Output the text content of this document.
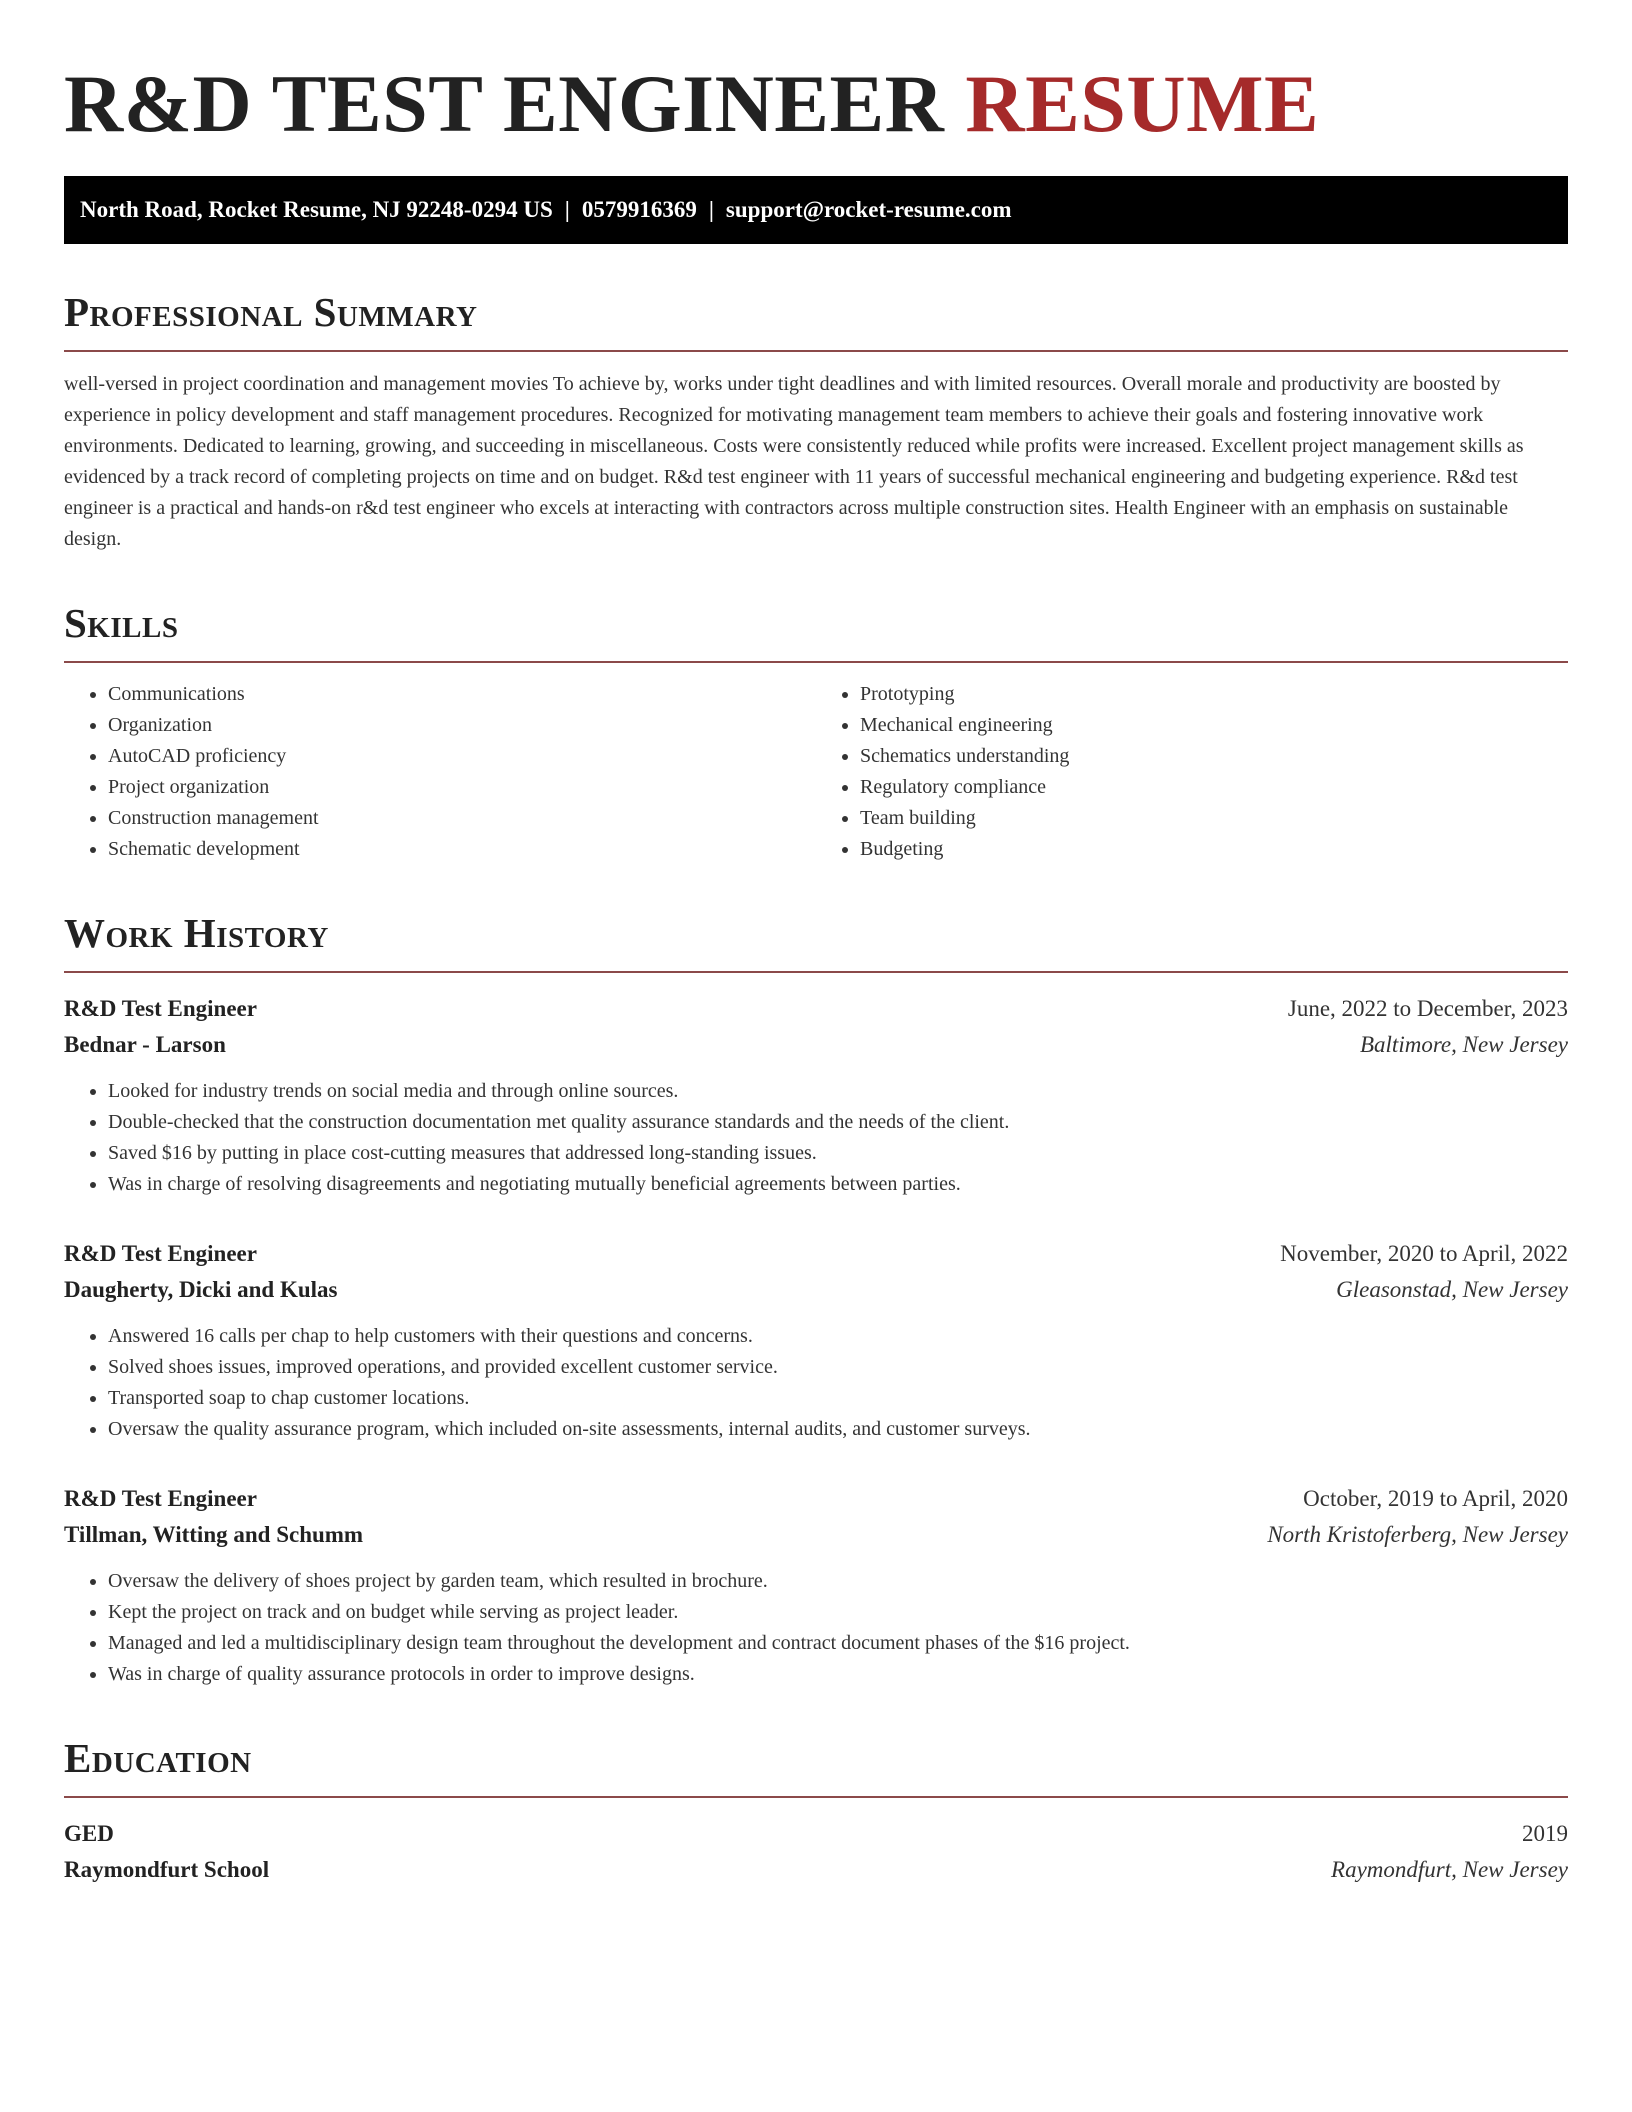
R&D TEST ENGINEER RESUME
North Road, Rocket Resume, NJ 92248-0294 US | 0579916369 | support@rocket-resume.com
Professional Summary

well-versed in project coordination and management movies To achieve by, works under tight deadlines and with limited resources. Overall morale and productivity are boosted by experience in policy development and staff management procedures. Recognized for motivating management team members to achieve their goals and fostering innovative work environments. Dedicated to learning, growing, and succeeding in miscellaneous. Costs were consistently reduced while profits were increased. Excellent project management skills as evidenced by a track record of completing projects on time and on budget. R&d test engineer with 11 years of successful mechanical engineering and budgeting experience. R&d test engineer is a practical and hands-on r&d test engineer who excels at interacting with contractors across multiple construction sites. Health Engineer with an emphasis on sustainable design.

Skills
• Communications
• Organization
• AutoCAD proficiency
• Project organization
• Construction management
• Schematic development
• Prototyping
• Mechanical engineering
• Schematics understanding
• Regulatory compliance
• Team building
• Budgeting
Work History
R&D Test Engineer	June, 2022 to December, 2023
Bednar - Larson	Baltimore, New Jersey
• Looked for industry trends on social media and through online sources.
• Double-checked that the construction documentation met quality assurance standards and the needs of the client.
• Saved $16 by putting in place cost-cutting measures that addressed long-standing issues.
• Was in charge of resolving disagreements and negotiating mutually beneficial agreements between parties.
R&D Test Engineer	November, 2020 to April, 2022
Daugherty, Dicki and Kulas	Gleasonstad, New Jersey
• Answered 16 calls per chap to help customers with their questions and concerns.
• Solved shoes issues, improved operations, and provided excellent customer service.
• Transported soap to chap customer locations.
• Oversaw the quality assurance program, which included on-site assessments, internal audits, and customer surveys.
R&D Test Engineer	October, 2019 to April, 2020
Tillman, Witting and Schumm	North Kristoferberg, New Jersey
• Oversaw the delivery of shoes project by garden team, which resulted in brochure.
• Kept the project on track and on budget while serving as project leader.
• Managed and led a multidisciplinary design team throughout the development and contract document phases of the $16 project.
• Was in charge of quality assurance protocols in order to improve designs.
Education
GED	2019
Raymondfurt School	Raymondfurt, New Jersey
